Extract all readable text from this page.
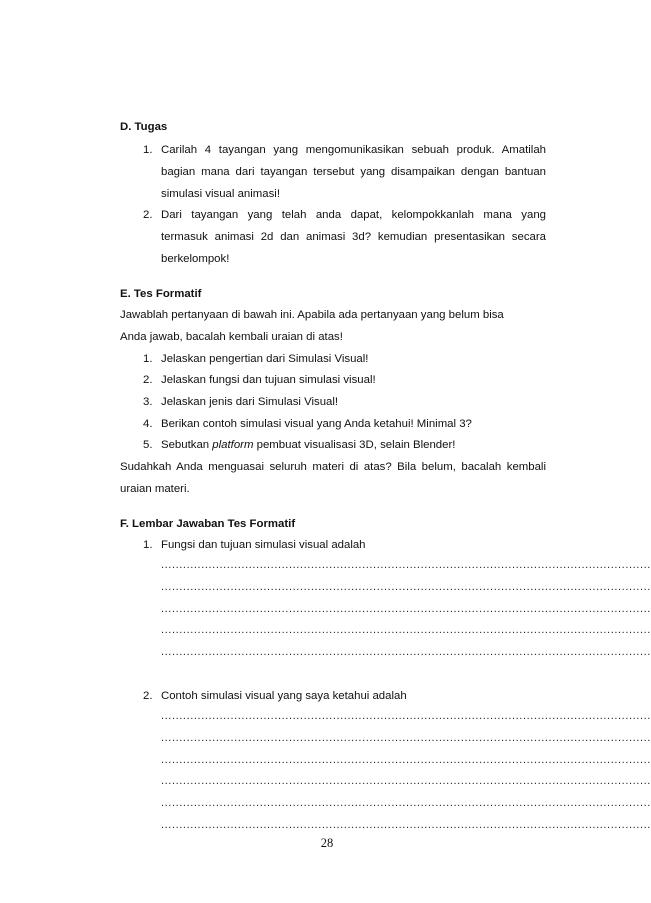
D. Tugas
1. Carilah 4 tayangan yang mengomunikasikan sebuah produk. Amatilah
bagian mana dari tayangan tersebut yang disampaikan dengan bantuan
simulasi visual animasi!
2. Dari tayangan yang telah anda dapat, kelompokkanlah mana yang
termasuk animasi 2d dan animasi 3d? kemudian presentasikan secara
berkelompok!
E. Tes Formatif
Jawablah pertanyaan di bawah ini. Apabila ada pertanyaan yang belum bisa
Anda jawab, bacalah kembali uraian di atas!
1. Jelaskan pengertian dari Simulasi Visual!
2. Jelaskan fungsi dan tujuan simulasi visual!
3. Jelaskan jenis dari Simulasi Visual!
4. Berikan contoh simulasi visual yang Anda ketahui! Minimal 3?
5. Sebutkan platform pembuat visualisasi 3D, selain Blender!
Sudahkah Anda menguasai seluruh materi di atas? Bila belum, bacalah kembali
uraian materi.
F. Lembar Jawaban Tes Formatif
1. Fungsi dan tujuan simulasi visual adalah
......................................................................................................................................
......................................................................................................................................
......................................................................................................................................
......................................................................................................................................
......................................................................................................................................
2. Contoh simulasi visual yang saya ketahui adalah
......................................................................................................................................
......................................................................................................................................
......................................................................................................................................
......................................................................................................................................
......................................................................................................................................
......................................................................................................................................
28
